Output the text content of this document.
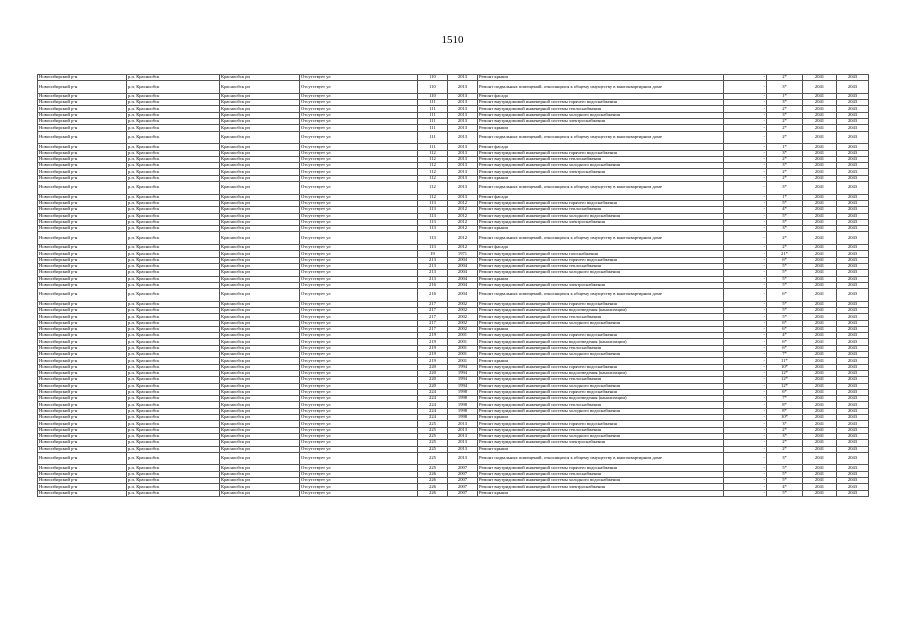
1510
Новосибирский р-н	р.п. Краснообск	Краснообск рп	Отсутствует ул	110	2013	Ремонт крыши	-	2*	2041	2043
Новосибирский р-н	р.п. Краснообск	Краснообск рп	Отсутствует ул	110	2013	Ремонт подвальных помещений, относящихся к общему имуществу в многоквартирном доме	-	3*	2041	2043
Новосибирский р-н	р.п. Краснообск	Краснообск рп	Отсутствует ул	110	2013	Ремонт фасада	-	1*	2041	2043
Новосибирский р-н	р.п. Краснообск	Краснообск рп	Отсутствует ул	111	2013	Ремонт внутридомовой инженерной системы горячего водоснабжения	-	3*	2041	2043
Новосибирский р-н	р.п. Краснообск	Краснообск рп	Отсутствует ул	111	2013	Ремонт внутридомовой инженерной системы теплоснабжения	-	2*	2041	2043
Новосибирский р-н	р.п. Краснообск	Краснообск рп	Отсутствует ул	111	2013	Ремонт внутридомовой инженерной системы холодного водоснабжения	-	3*	2041	2043
Новосибирский р-н	р.п. Краснообск	Краснообск рп	Отсутствует ул	111	2013	Ремонт внутридомовой инженерной системы электроснабжения	-	2*	2041	2043
Новосибирский р-н	р.п. Краснообск	Краснообск рп	Отсутствует ул	111	2013	Ремонт крыши	-	2*	2041	2043
Новосибирский р-н	р.п. Краснообск	Краснообск рп	Отсутствует ул	111	2013	Ремонт подвальных помещений, относящихся к общему имуществу в многоквартирном доме	-	2*	2041	2043
Новосибирский р-н	р.п. Краснообск	Краснообск рп	Отсутствует ул	111	2013	Ремонт фасада	-	1*	2041	2043
Новосибирский р-н	р.п. Краснообск	Краснообск рп	Отсутствует ул	112	2013	Ремонт внутридомовой инженерной системы горячего водоснабжения	-	3*	2041	2043
Новосибирский р-н	р.п. Краснообск	Краснообск рп	Отсутствует ул	112	2013	Ремонт внутридомовой инженерной системы теплоснабжения	-	2*	2041	2043
Новосибирский р-н	р.п. Краснообск	Краснообск рп	Отсутствует ул	112	2013	Ремонт внутридомовой инженерной системы холодного водоснабжения	-	3*	2041	2043
Новосибирский р-н	р.п. Краснообск	Краснообск рп	Отсутствует ул	112	2013	Ремонт внутридомовой инженерной системы электроснабжения	-	2*	2041	2043
Новосибирский р-н	р.п. Краснообск	Краснообск рп	Отсутствует ул	112	2013	Ремонт крыши	-	2*	2041	2043
Новосибирский р-н	р.п. Краснообск	Краснообск рп	Отсутствует ул	112	2013	Ремонт подвальных помещений, относящихся к общему имуществу в многоквартирном доме	-	3*	2041	2043
Новосибирский р-н	р.п. Краснообск	Краснообск рп	Отсутствует ул	112	2013	Ремонт фасада	-	1*	2041	2043
Новосибирский р-н	р.п. Краснообск	Краснообск рп	Отсутствует ул	113	2012	Ремонт внутридомовой инженерной системы горячего водоснабжения	-	5*	2041	2043
Новосибирский р-н	р.п. Краснообск	Краснообск рп	Отсутствует ул	113	2012	Ремонт внутридомовой инженерной системы теплоснабжения	-	4*	2041	2043
Новосибирский р-н	р.п. Краснообск	Краснообск рп	Отсутствует ул	113	2012	Ремонт внутридомовой инженерной системы холодного водоснабжения	-	5*	2041	2043
Новосибирский р-н	р.п. Краснообск	Краснообск рп	Отсутствует ул	113	2012	Ремонт внутридомовой инженерной системы электроснабжения	-	3*	2041	2043
Новосибирский р-н	р.п. Краснообск	Краснообск рп	Отсутствует ул	113	2012	Ремонт крыши	-	3*	2041	2043
Новосибирский р-н	р.п. Краснообск	Краснообск рп	Отсутствует ул	113	2012	Ремонт подвальных помещений, относящихся к общему имуществу в многоквартирном доме	-	2*	2041	2043
Новосибирский р-н	р.п. Краснообск	Краснообск рп	Отсутствует ул	113	2012	Ремонт фасада	-	2*	2041	2043
Новосибирский р-н	р.п. Краснообск	Краснообск рп	Отсутствует ул	19	1971	Ремонт внутридомовой инженерной системы газоснабжения	-	21*	2041	2043
Новосибирский р-н	р.п. Краснообск	Краснообск рп	Отсутствует ул	213	2004	Ремонт внутридомовой инженерной системы горячего водоснабжения	-	6*	2041	2043
Новосибирский р-н	р.п. Краснообск	Краснообск рп	Отсутствует ул	213	2004	Ремонт внутридомовой инженерной системы теплоснабжения	-	5*	2041	2043
Новосибирский р-н	р.п. Краснообск	Краснообск рп	Отсутствует ул	213	2004	Ремонт внутридомовой инженерной системы холодного водоснабжения	-	5*	2041	2043
Новосибирский р-н	р.п. Краснообск	Краснообск рп	Отсутствует ул	213	2004	Ремонт крыши	-	5*	2041	2043
Новосибирский р-н	р.п. Краснообск	Краснообск рп	Отсутствует ул	216	2004	Ремонт внутридомовой инженерной системы электроснабжения	-	5*	2041	2043
Новосибирский р-н	р.п. Краснообск	Краснообск рп	Отсутствует ул	216	2004	Ремонт подвальных помещений, относящихся к общему имуществу в многоквартирном доме	-	6*	2041	2043
Новосибирский р-н	р.п. Краснообск	Краснообск рп	Отсутствует ул	217	2002	Ремонт внутридомовой инженерной системы горячего водоснабжения	-	5*	2041	2043
Новосибирский р-н	р.п. Краснообск	Краснообск рп	Отсутствует ул	217	2002	Ремонт внутридомовой инженерной системы водоотведения (канализации)	-	5*	2041	2043
Новосибирский р-н	р.п. Краснообск	Краснообск рп	Отсутствует ул	217	2002	Ремонт внутридомовой инженерной системы теплоснабжения	-	5*	2041	2043
Новосибирский р-н	р.п. Краснообск	Краснообск рп	Отсутствует ул	217	2002	Ремонт внутридомовой инженерной системы холодного водоснабжения	-	6*	2041	2043
Новосибирский р-н	р.п. Краснообск	Краснообск рп	Отсутствует ул	217	2002	Ремонт крыши	-	6*	2041	2043
Новосибирский р-н	р.п. Краснообск	Краснообск рп	Отсутствует ул	219	2001	Ремонт внутридомовой инженерной системы горячего водоснабжения	-	4*	2041	2043
Новосибирский р-н	р.п. Краснообск	Краснообск рп	Отсутствует ул	219	2001	Ремонт внутридомовой инженерной системы водоотведения (канализации)	-	6*	2041	2043
Новосибирский р-н	р.п. Краснообск	Краснообск рп	Отсутствует ул	219	2001	Ремонт внутридомовой инженерной системы теплоснабжения	-	6*	2041	2043
Новосибирский р-н	р.п. Краснообск	Краснообск рп	Отсутствует ул	219	2001	Ремонт внутридомовой инженерной системы холодного водоснабжения	-	7*	2041	2043
Новосибирский р-н	р.п. Краснообск	Краснообск рп	Отсутствует ул	219	2001	Ремонт крыши	-	11*	2041	2043
Новосибирский р-н	р.п. Краснообск	Краснообск рп	Отсутствует ул	220	1994	Ремонт внутридомовой инженерной системы горячего водоснабжения	-	10*	2041	2043
Новосибирский р-н	р.п. Краснообск	Краснообск рп	Отсутствует ул	220	1994	Ремонт внутридомовой инженерной системы водоотведения (канализации)	-	12*	2041	2043
Новосибирский р-н	р.п. Краснообск	Краснообск рп	Отсутствует ул	220	1994	Ремонт внутридомовой инженерной системы теплоснабжения	-	12*	2041	2043
Новосибирский р-н	р.п. Краснообск	Краснообск рп	Отсутствует ул	220	1994	Ремонт внутридомовой инженерной системы холодного водоснабжения	-	12*	2041	2043
Новосибирский р-н	р.п. Краснообск	Краснообск рп	Отсутствует ул	224	1998	Ремонт внутридомовой инженерной системы горячего водоснабжения	-	6*	2041	2043
Новосибирский р-н	р.п. Краснообск	Краснообск рп	Отсутствует ул	224	1998	Ремонт внутридомовой инженерной системы водоотведения (канализации)	-	7*	2041	2043
Новосибирский р-н	р.п. Краснообск	Краснообск рп	Отсутствует ул	224	1998	Ремонт внутридомовой инженерной системы теплоснабжения	-	8*	2041	2043
Новосибирский р-н	р.п. Краснообск	Краснообск рп	Отсутствует ул	224	1998	Ремонт внутридомовой инженерной системы холодного водоснабжения	-	8*	2041	2043
Новосибирский р-н	р.п. Краснообск	Краснообск рп	Отсутствует ул	224	1998	Ремонт крыши	-	10*	2041	2043
Новосибирский р-н	р.п. Краснообск	Краснообск рп	Отсутствует ул	225	2013	Ремонт внутридомовой инженерной системы горячего водоснабжения	-	3*	2041	2043
Новосибирский р-н	р.п. Краснообск	Краснообск рп	Отсутствует ул	225	2013	Ремонт внутридомовой инженерной системы теплоснабжения	-	2*	2041	2043
Новосибирский р-н	р.п. Краснообск	Краснообск рп	Отсутствует ул	225	2013	Ремонт внутридомовой инженерной системы холодного водоснабжения	-	3*	2041	2043
Новосибирский р-н	р.п. Краснообск	Краснообск рп	Отсутствует ул	225	2013	Ремонт внутридомовой инженерной системы электроснабжения	-	2*	2041	2043
Новосибирский р-н	р.п. Краснообск	Краснообск рп	Отсутствует ул	225	2013	Ремонт крыши	-	2*	2041	2043
Новосибирский р-н	р.п. Краснообск	Краснообск рп	Отсутствует ул	225	2013	Ремонт подвальных помещений, относящихся к общему имуществу в многоквартирном доме	-	3*	2041	2043
Новосибирский р-н	р.п. Краснообск	Краснообск рп	Отсутствует ул	225	2007	Ремонт внутридомовой инженерной системы горячего водоснабжения	-	5*	2041	2043
Новосибирский р-н	р.п. Краснообск	Краснообск рп	Отсутствует ул	226	2007	Ремонт внутридомовой инженерной системы теплоснабжения	-	5*	2041	2043
Новосибирский р-н	р.п. Краснообск	Краснообск рп	Отсутствует ул	226	2007	Ремонт внутридомовой инженерной системы холодного водоснабжения	-	5*	2041	2043
Новосибирский р-н	р.п. Краснообск	Краснообск рп	Отсутствует ул	226	2007	Ремонт внутридомовой инженерной системы электроснабжения	-	4*	2041	2043
Новосибирский р-н	р.п. Краснообск	Краснообск рп	Отсутствует ул	226	2007	Ремонт крыши	-	5*	2041	2043
